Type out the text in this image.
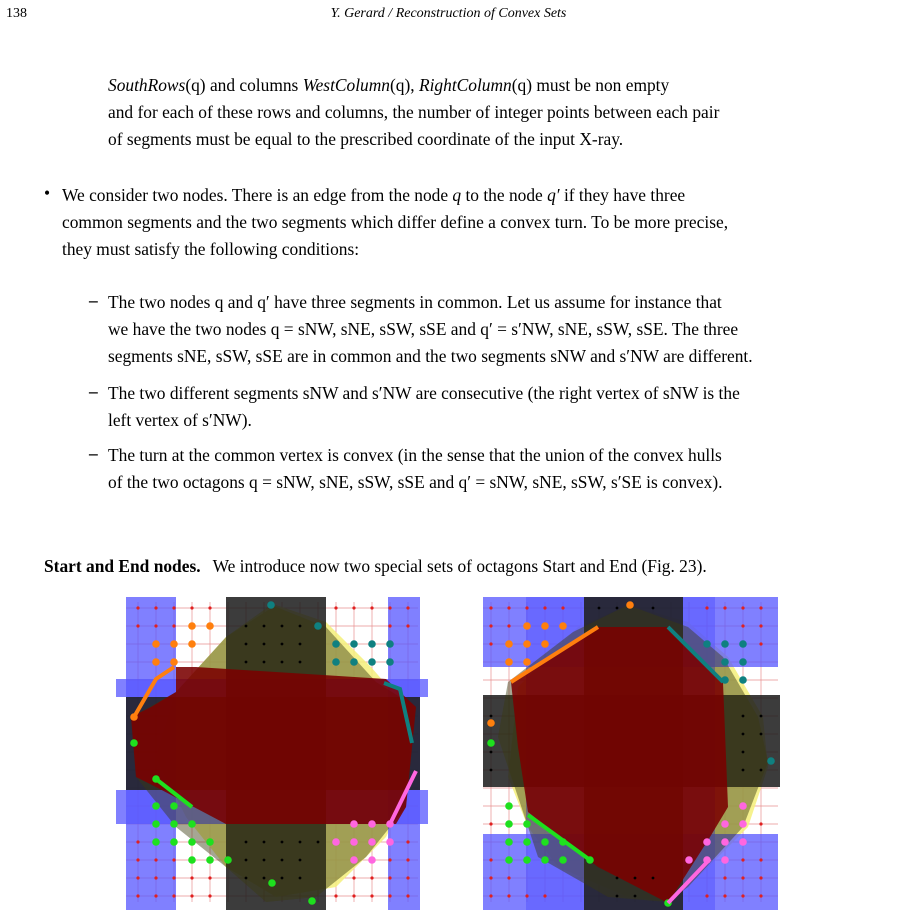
138	Y. Gerard / Reconstruction of Convex Sets
SouthRows(q) and columns WestColumn(q), RightColumn(q) must be non empty
and for each of these rows and columns, the number of integer points between each pair
of segments must be equal to the prescribed coordinate of the input X-ray.
• We consider two nodes. There is an edge from the node q to the node q′ if they have three
common segments and the two segments which differ define a convex turn. To be more precise,
they must satisfy the following conditions:
– The two nodes q and q′ have three segments in common. Let us assume for instance that
we have the two nodes q = sNW, sNE, sSW, sSE and q′ = s′NW, sNE, sSW, sSE. The three
segments sNE, sSW, sSE are in common and the two segments sNW and s′NW are different.
– The two different segments sNW and s′NW are consecutive (the right vertex of sNW is the
left vertex of s′NW).
– The turn at the common vertex is convex (in the sense that the union of the convex hulls
of the two octagons q = sNW, sNE, sSW, sSE and q′ = sNW, sNE, sSW, s′SE is convex).
Start and End nodes. We introduce now two special sets of octagons Start and End (Fig. 23).
